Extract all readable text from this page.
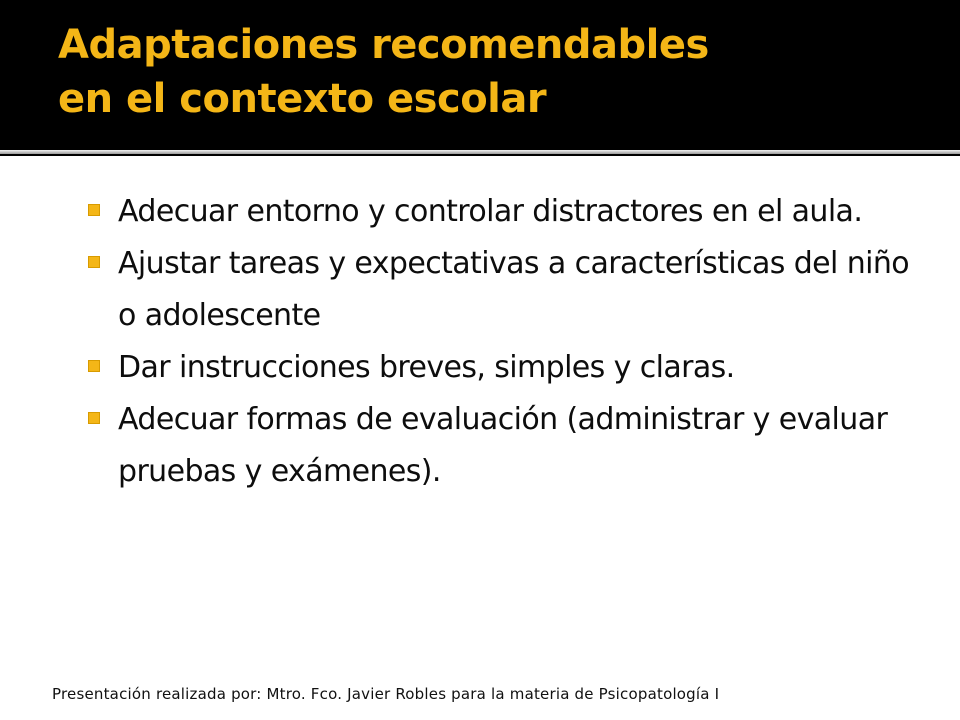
Adaptaciones recomendables
en el contexto escolar
Adecuar entorno y controlar distractores en el aula.
Ajustar tareas y expectativas a características del niño o adolescente
Dar instrucciones breves, simples y claras.
Adecuar formas de evaluación (administrar y evaluar pruebas y exámenes).

Presentación realizada por: Mtro. Fco. Javier Robles para la materia de Psicopatología I
